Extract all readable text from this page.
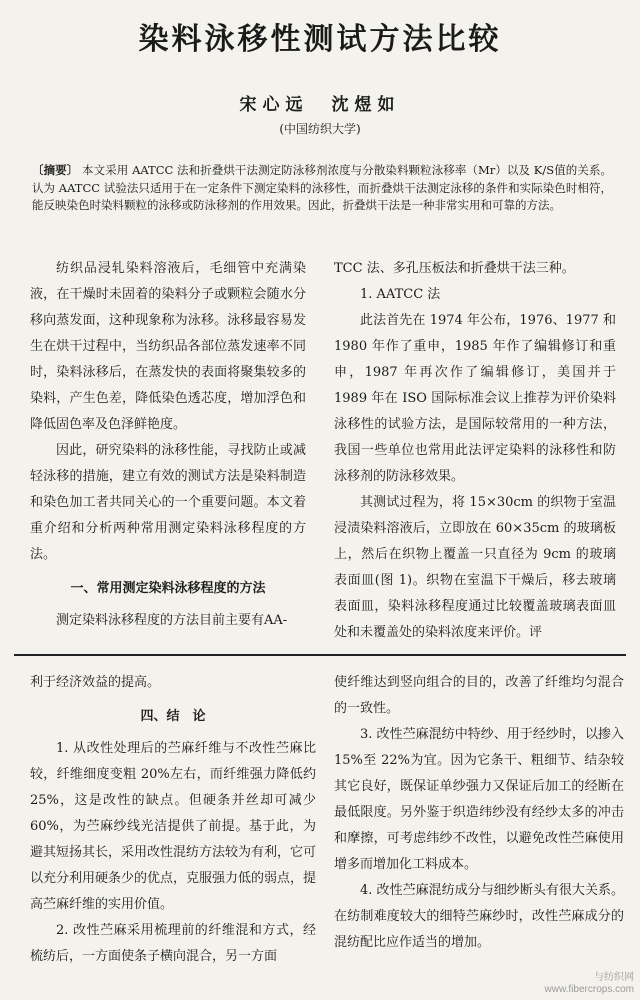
染料泳移性测试方法比较
宋心远　沈煜如
(中国纺织大学)
〔摘要〕 本文采用 AATCC 法和折叠烘干法测定防泳移剂浓度与分散染料颗粒泳移率（Mr）以及 K/S值的关系。认为 AATCC 试验法只适用于在一定条件下测定染料的泳移性，而折叠烘干法测定泳移的条件和实际染色时相符，能反映染色时染料颗粒的泳移或防泳移剂的作用效果。因此，折叠烘干法是一种非常实用和可靠的方法。

纺织品浸轧染料溶液后，毛细管中充满染液，在干燥时未固着的染料分子或颗粒会随水分移向蒸发面，这种现象称为泳移。泳移最容易发生在烘干过程中，当纺织品各部位蒸发速率不同时，染料泳移后，在蒸发快的表面将聚集较多的染料，产生色差，降低染色透芯度，增加浮色和降低固色率及色泽鲜艳度。

因此，研究染料的泳移性能，寻找防止或减轻泳移的措施，建立有效的测试方法是染料制造和染色加工者共同关心的一个重要问题。本文着重介绍和分析两种常用测定染料泳移程度的方法。

一、常用测定染料泳移程度的方法

测定染料泳移程度的方法目前主要有AA-

TCC 法、多孔压板法和折叠烘干法三种。

1. AATCC 法

此法首先在 1974 年公布，1976、1977 和 1980 年作了重申，1985 年作了编辑修订和重申，1987 年再次作了编辑修订，美国并于 1989 年在 ISO 国际标准会议上推荐为评价染料泳移性的试验方法，是国际较常用的一种方法，我国一些单位也常用此法评定染料的泳移性和防泳移剂的防泳移效果。

其测试过程为，将 15×30cm 的织物于室温浸渍染料溶液后，立即放在 60×35cm 的玻璃板上，然后在织物上覆盖一只直径为 9cm 的玻璃表面皿(图 1)。织物在室温下干燥后，移去玻璃表面皿，染料泳移程度通过比较覆盖玻璃表面皿处和未覆盖处的染料浓度来评价。评

利于经济效益的提高。

四、结　论

1. 从改性处理后的苎麻纤维与不改性苎麻比较，纤维细度变粗 20%左右，而纤维强力降低约 25%，这是改性的缺点。但硬条并丝却可减少 60%，为苎麻纱线光洁提供了前提。基于此，为避其短扬其长，采用改性混纺方法较为有利，它可以充分利用硬条少的优点，克服强力低的弱点，提高苎麻纤维的实用价值。

2. 改性苎麻采用梳理前的纤维混和方式，经梳纺后，一方面使条子横向混合，另一方面

使纤维达到竖向组合的目的，改善了纤维均匀混合的一致性。

3. 改性苎麻混纺中特纱、用于经纱时，以掺入 15%至 22%为宜。因为它条干、粗细节、结杂较其它良好，既保证单纱强力又保证后加工的经断在最低限度。另外鉴于织造纬纱没有经纱太多的冲击和摩擦，可考虑纬纱不改性，以避免改性苎麻使用增多而增加化工料成本。

4. 改性苎麻混纺成分与细纱断头有很大关系。在纺制难度较大的细特苎麻纱时，改性苎麻成分的混纺配比应作适当的增加。

与纺织网
www.fibercrops.com
